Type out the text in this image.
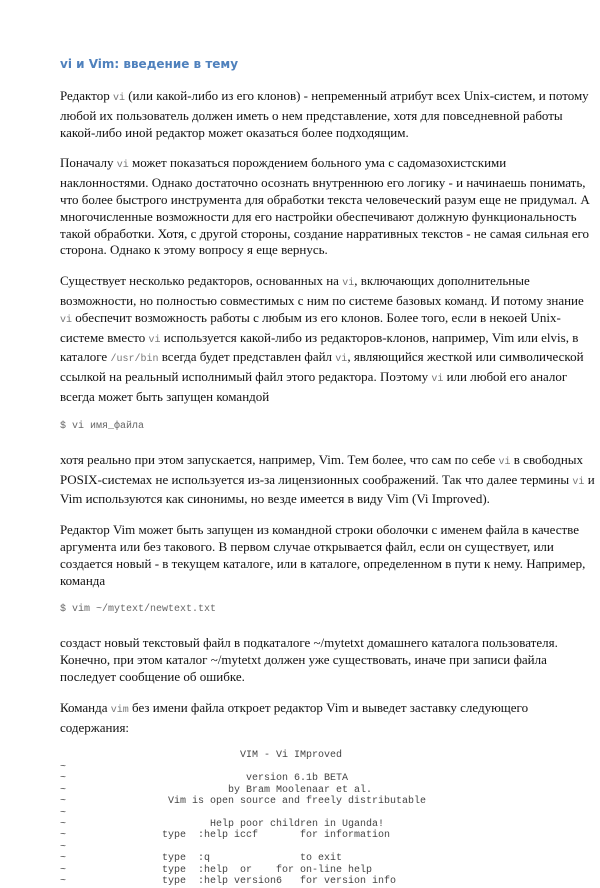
vi и Vim: введение в тему
Редактор vi (или какой-либо из его клонов) - непременный атрибут всех Unix-систем, и потому
любой их пользователь должен иметь о нем представление, хотя для повседневной работы
какой-либо иной редактор может оказаться более подходящим.
Поначалу vi может показаться порождением больного ума с садомазохистскими
наклонностями. Однако достаточно осознать внутреннюю его логику - и начинаешь понимать,
что более быстрого инструмента для обработки текста человеческий разум еще не придумал. А
многочисленные возможности для его настройки обеспечивают должную функциональность
такой обработки. Хотя, с другой стороны, создание нарративных текстов - не самая сильная его
сторона. Однако к этому вопросу я еще вернусь.
Существует несколько редакторов, основанных на vi, включающих дополнительные
возможности, но полностью совместимых с ним по системе базовых команд. И потому знание
vi обеспечит возможность работы с любым из его клонов. Более того, если в некоей Unix-
системе вместо vi используется какой-либо из редакторов-клонов, например, Vim или elvis, в
каталоге /usr/bin всегда будет представлен файл vi, являющийся жесткой или символической
ссылкой на реальный исполнимый файл этого редактора. Поэтому vi или любой его аналог
всегда может быть запущен командой
$ vi имя_файла
хотя реально при этом запускается, например, Vim. Тем более, что сам по себе vi в свободных
POSIX-системах не используется из-за лицензионных соображений. Так что далее термины vi и
Vim используются как синонимы, но везде имеется в виду Vim (Vi Improved).
Редактор Vim может быть запущен из командной строки оболочки с именем файла в качестве
аргумента или без такового. В первом случае открывается файл, если он существует, или
создается новый - в текущем каталоге, или в каталоге, определенном в пути к нему. Например,
команда
$ vim ~/mytext/newtext.txt
создаст новый текстовый файл в подкаталоге ~/mytetxt домашнего каталога пользователя.
Конечно, при этом каталог ~/mytetxt должен уже существовать, иначе при записи файла
последует сообщение об ошибке.
Команда vim без имени файла откроет редактор Vim и выведет заставку следующего
содержания:
VIM - Vi IMproved
~
~                              version 6.1b BETA
~                           by Bram Moolenaar et al.
~                 Vim is open source and freely distributable
~
~                        Help poor children in Uganda!
~                type  :help iccf       for information
~
~                type  :q               to exit
~                type  :help  or    for on-line help
~                type  :help version6   for version info
